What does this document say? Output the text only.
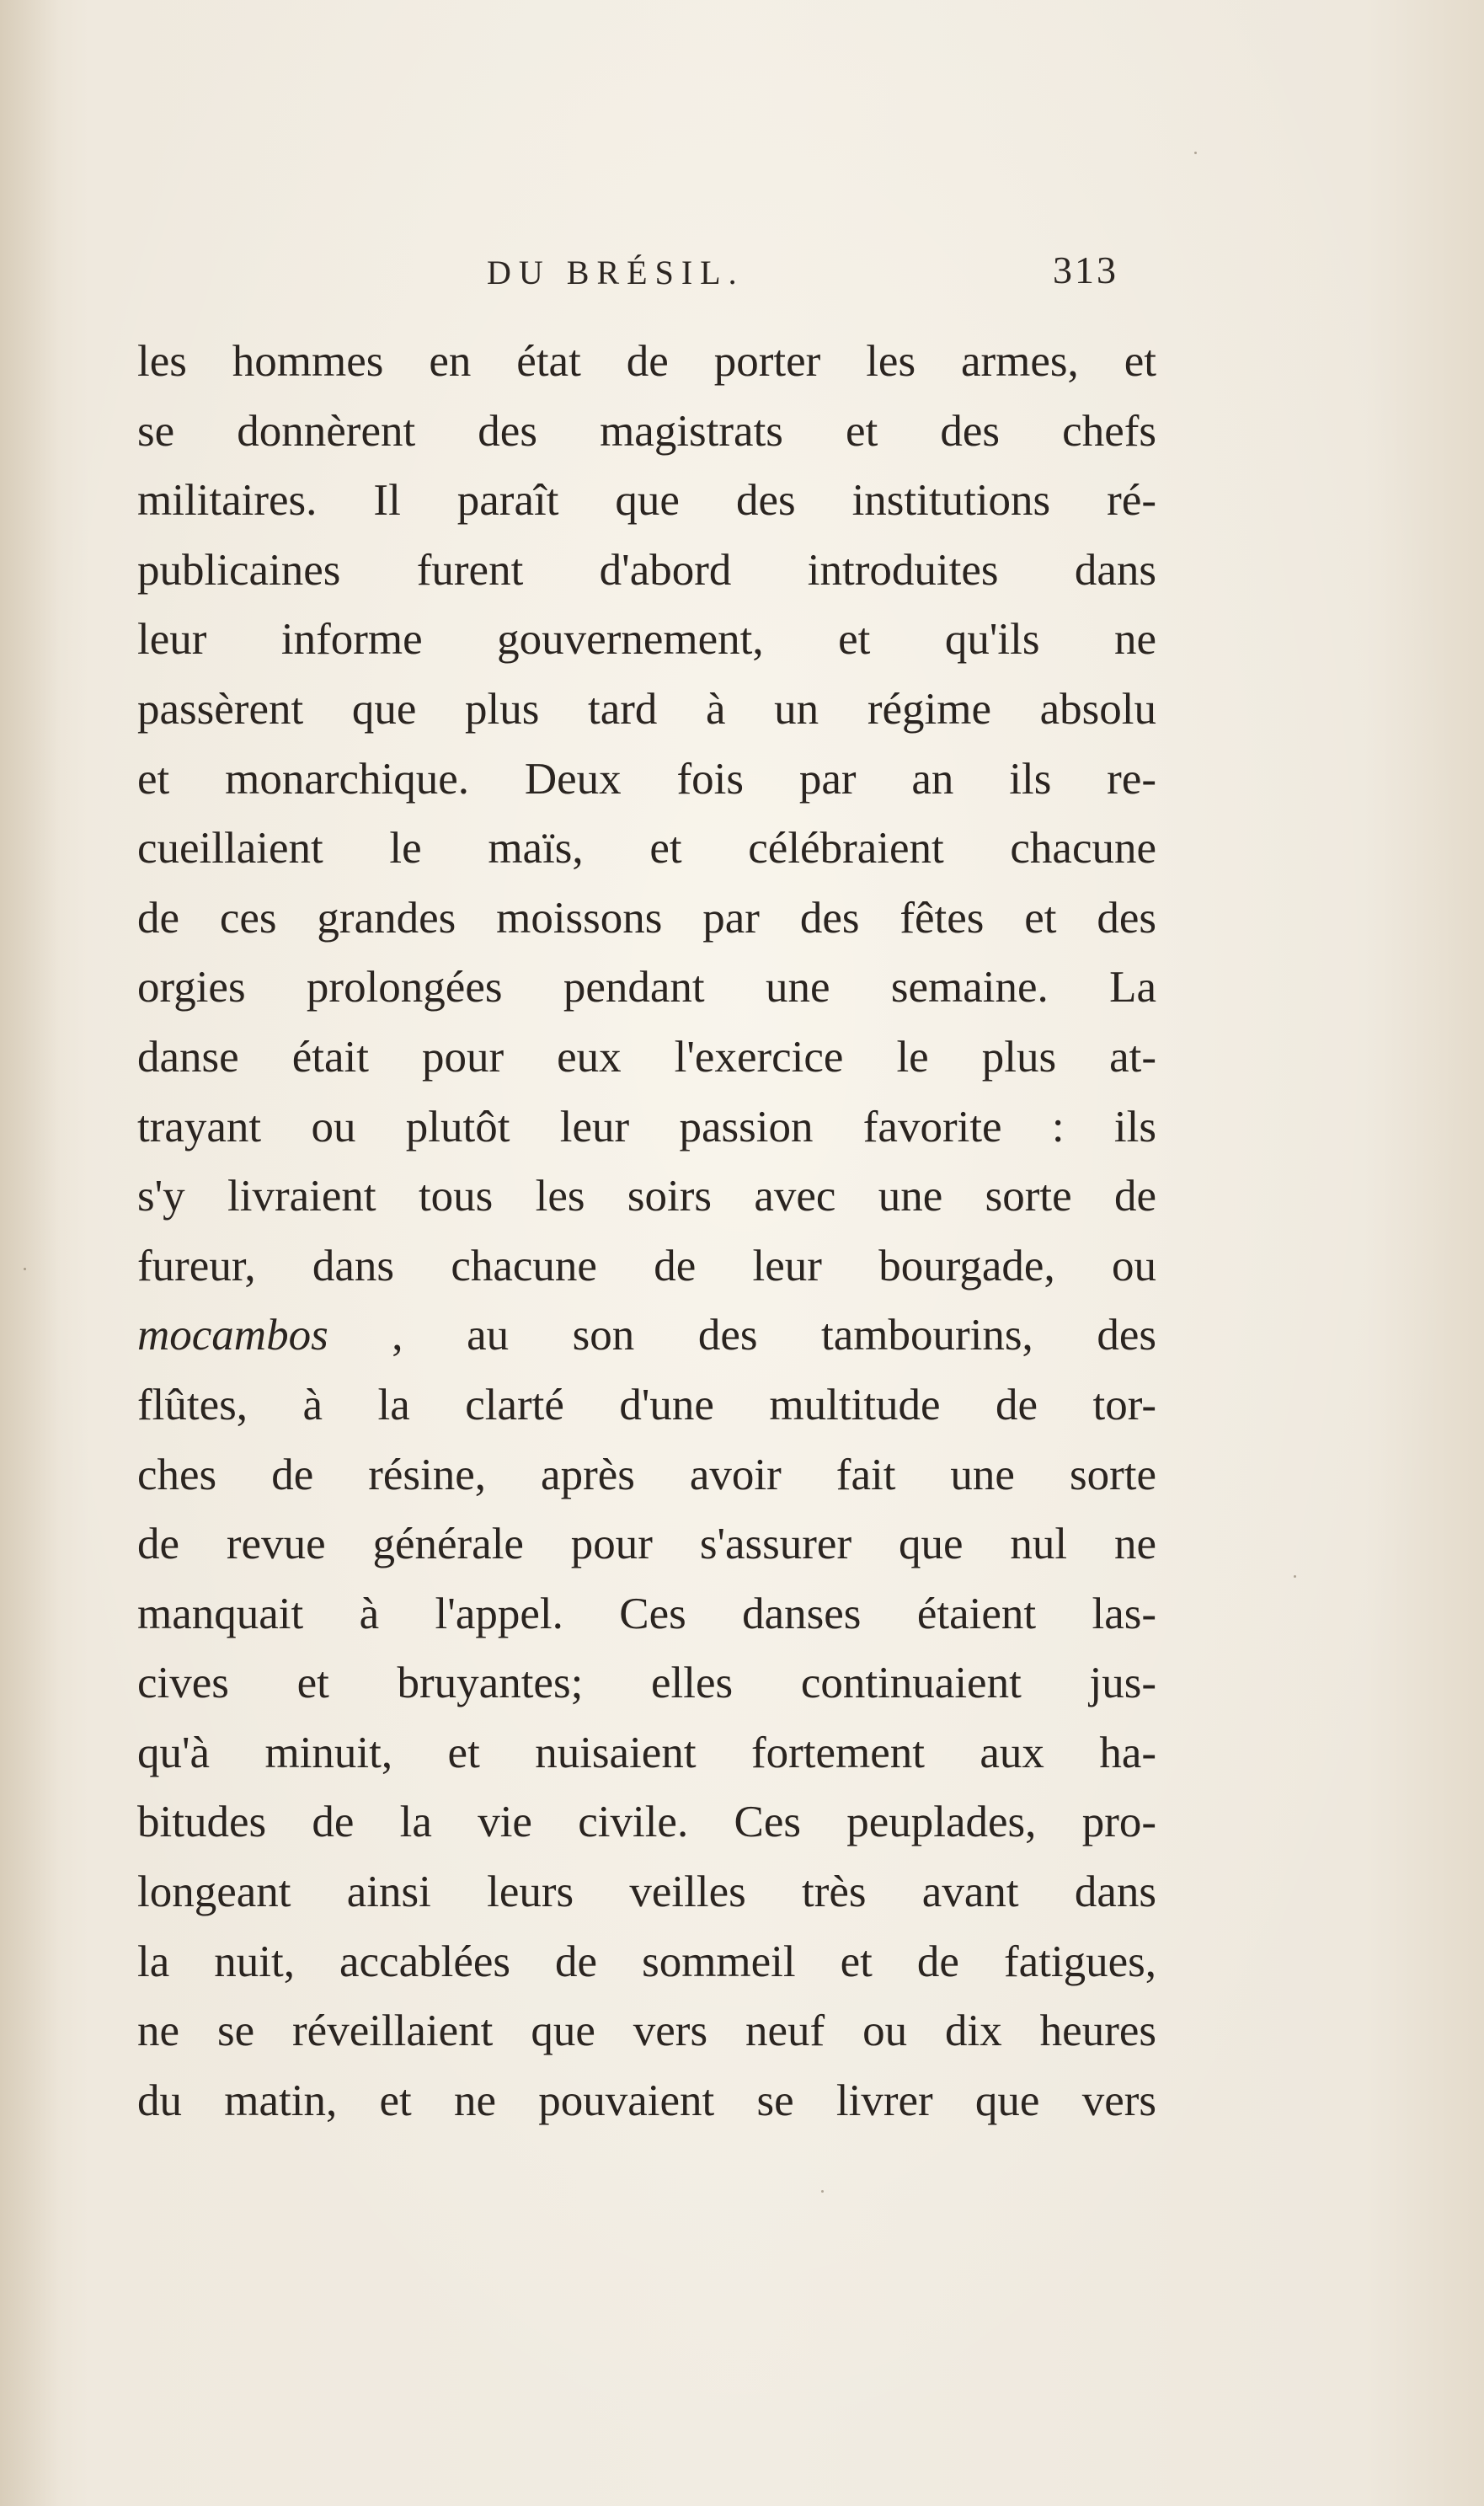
DU BRÉSIL.	313
les hommes en état de porter les armes, et
se donnèrent des magistrats et des chefs
militaires. Il paraît que des institutions ré-
publicaines furent d'abord introduites dans
leur informe gouvernement, et qu'ils ne
passèrent que plus tard à un régime absolu
et monarchique. Deux fois par an ils re-
cueillaient le maïs, et célébraient chacune
de ces grandes moissons par des fêtes et des
orgies prolongées pendant une semaine. La
danse était pour eux l'exercice le plus at-
trayant ou plutôt leur passion favorite : ils
s'y livraient tous les soirs avec une sorte de
fureur, dans chacune de leur bourgade, ou
mocambos , au son des tambourins, des
flûtes, à la clarté d'une multitude de tor-
ches de résine, après avoir fait une sorte
de revue générale pour s'assurer que nul ne
manquait à l'appel. Ces danses étaient las-
cives et bruyantes; elles continuaient jus-
qu'à minuit, et nuisaient fortement aux ha-
bitudes de la vie civile. Ces peuplades, pro-
longeant ainsi leurs veilles très avant dans
la nuit, accablées de sommeil et de fatigues,
ne se réveillaient que vers neuf ou dix heures
du matin, et ne pouvaient se livrer que vers
